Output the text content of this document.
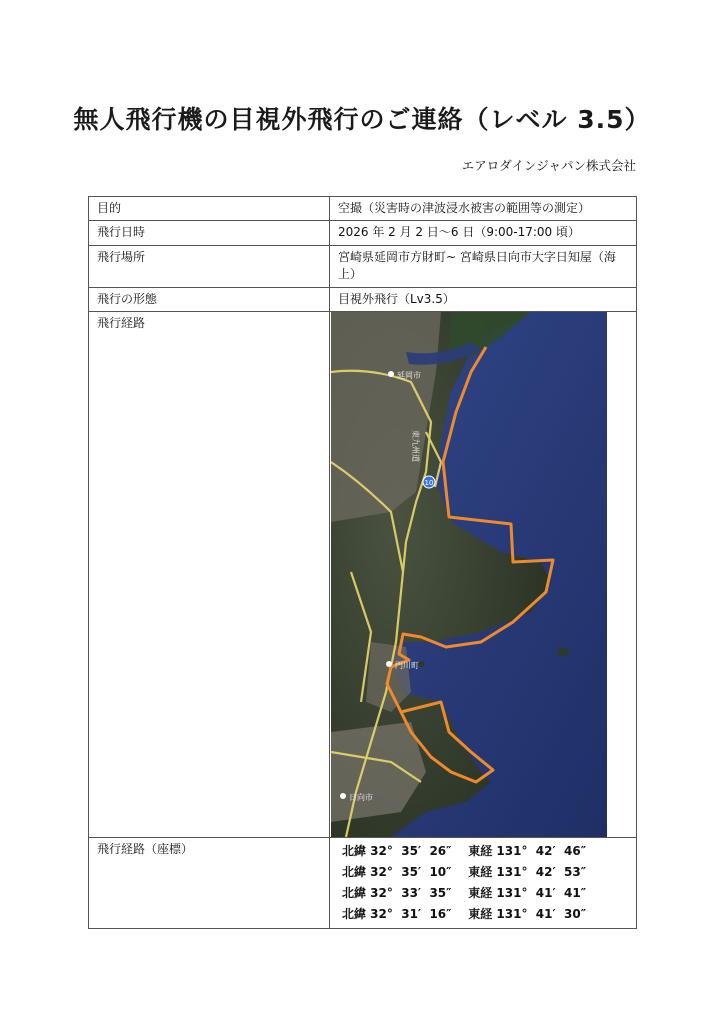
無人飛行機の目視外飛行のご連絡（レベル 3.5）
エアロダインジャパン株式会社
目的	空撮（災害時の津波浸水被害の範囲等の測定）
飛行日時	2026 年 2 月 2 日〜6 日（9:00-17:00 頃）
飛行場所	宮崎県延岡市方財町~ 宮崎県日向市大字日知屋（海上）
飛行の形態	目視外飛行（Lv3.5）
飛行経路	延岡市
東九州道
10
門川町
日向市

飛行経路（座標）	北緯 32°  35′  26″    東経 131°  42′  46″
北緯 32°  35′  10″    東経 131°  42′  53″
北緯 32°  33′  35″    東経 131°  41′  41″
北緯 32°  31′  16″    東経 131°  41′  30″
